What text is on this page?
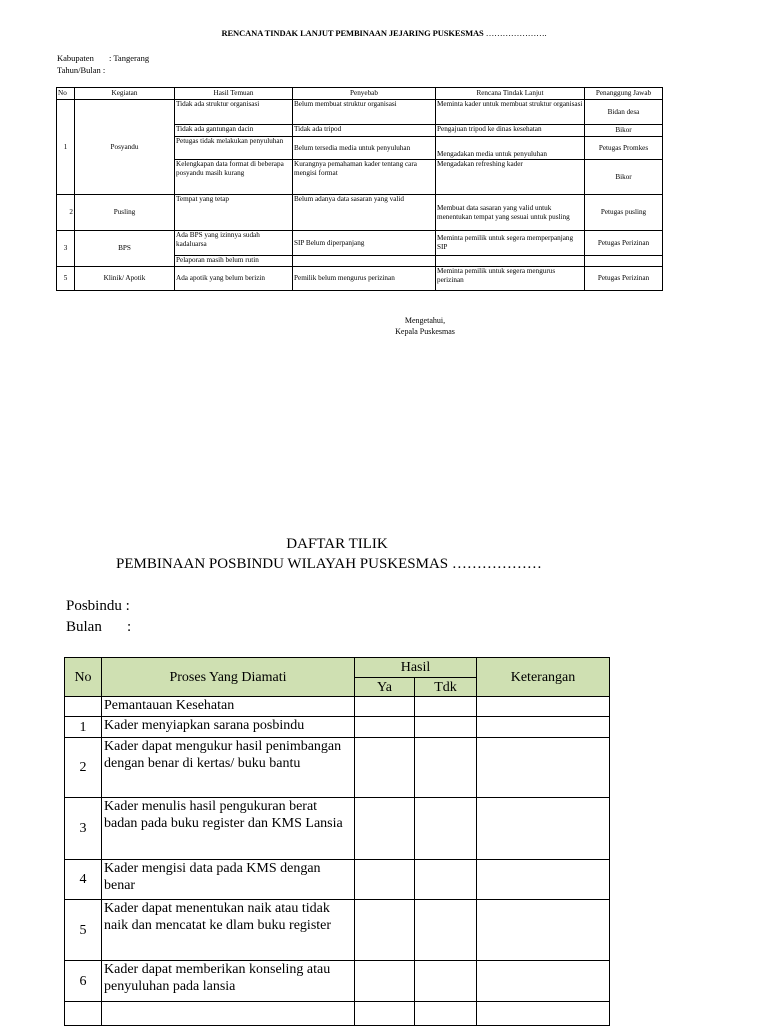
RENCANA TINDAK LANJUT PEMBINAAN JEJARING PUSKESMAS ………………….
Kabupaten	: Tangerang
Tahun/Bulan :
No	Kegiatan	Hasil Temuan	Penyebab	Rencana Tindak Lanjut	Penanggung Jawab
1	Posyandu	Tidak ada struktur organisasi	Belum membuat struktur organisasi	Meminta kader untuk membuat struktur organisasi	Bidan desa
		Tidak ada gantungan dacin	Tidak ada tripod	Pengajuan tripod ke dinas kesehatan	Bikor
		Petugas tidak melakukan penyuluhan	Belum tersedia media untuk penyuluhan	Mengadakan media untuk penyuluhan	Petugas Promkes
		Kelengkapan data format di beberapa posyandu masih kurang	Kurangnya pemahaman kader tentang cara mengisi format	Mengadakan refreshing kader	Bikor
2	Pusling	Tempat yang tetap	Belum adanya data sasaran yang valid	Membuat data sasaran yang valid untuk menentukan tempat yang sesuai untuk pusling	Petugas pusling
3	BPS	Ada BPS yang izinnya sudah kadaluarsa	SIP Belum diperpanjang	Meminta pemilik untuk segera memperpanjang SIP	Petugas Perizinan
		Pelaporan masih belum rutin			
5	Klinik/ Apotik	Ada apotik yang belum berizin	Pemilik belum mengurus perizinan	Meminta pemilik untuk segera mengurus perizinan	Petugas Perizinan
Mengetahui,
Kepala Puskesmas
DAFTAR TILIK
PEMBINAAN POSBINDU WILAYAH PUSKESMAS ………………
Posbindu :
Bulan	:
No	Proses Yang Diamati	Hasil		Keterangan
		Ya	Tdk	
	Pemantauan Kesehatan			
1	Kader menyiapkan sarana posbindu			
2	Kader dapat mengukur hasil penimbangan dengan benar di kertas/ buku bantu			
3	Kader menulis hasil pengukuran berat badan pada buku register dan KMS Lansia			
4	Kader mengisi data pada KMS dengan benar			
5	Kader dapat menentukan naik atau tidak naik dan mencatat ke dlam buku register			
6	Kader dapat memberikan konseling atau penyuluhan pada lansia			
